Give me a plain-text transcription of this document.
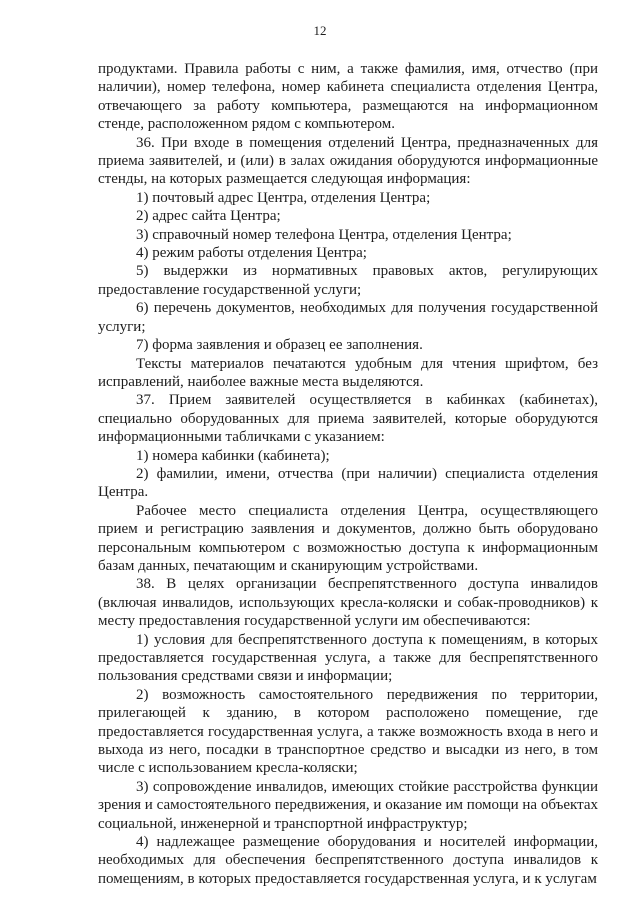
12

продуктами. Правила работы с ним, а также фамилия, имя, отчество (при наличии), номер телефона, номер кабинета специалиста отделения Центра, отвечающего за работу компьютера, размещаются на информационном стенде, расположенном рядом с компьютером.

36. При входе в помещения отделений Центра, предназначенных для приема заявителей, и (или) в залах ожидания оборудуются информационные стенды, на которых размещается следующая информация:

1) почтовый адрес Центра, отделения Центра;

2) адрес сайта Центра;

3) справочный номер телефона Центра, отделения Центра;

4) режим работы отделения Центра;

5) выдержки из нормативных правовых актов, регулирующих предоставление государственной услуги;

6) перечень документов, необходимых для получения государственной услуги;

7) форма заявления и образец ее заполнения.

Тексты материалов печатаются удобным для чтения шрифтом, без исправлений, наиболее важные места выделяются.

37. Прием заявителей осуществляется в кабинках (кабинетах), специально оборудованных для приема заявителей, которые оборудуются информационными табличками с указанием:

1) номера кабинки (кабинета);

2) фамилии, имени, отчества (при наличии) специалиста отделения Центра.

Рабочее место специалиста отделения Центра, осуществляющего прием и регистрацию заявления и документов, должно быть оборудовано персональным компьютером с возможностью доступа к информационным базам данных, печатающим и сканирующим устройствами.

38. В целях организации беспрепятственного доступа инвалидов (включая инвалидов, использующих кресла-коляски и собак-проводников) к месту предоставления государственной услуги им обеспечиваются:

1) условия для беспрепятственного доступа к помещениям, в которых предоставляется государственная услуга, а также для беспрепятственного пользования средствами связи и информации;

2) возможность самостоятельного передвижения по территории, прилегающей к зданию, в котором расположено помещение, где предоставляется государственная услуга, а также возможность входа в него и выхода из него, посадки в транспортное средство и высадки из него, в том числе с использованием кресла-коляски;

3) сопровождение инвалидов, имеющих стойкие расстройства функции зрения и самостоятельного передвижения, и оказание им помощи на объектах социальной, инженерной и транспортной инфраструктур;

4) надлежащее размещение оборудования и носителей информации, необходимых для обеспечения беспрепятственного доступа инвалидов к помещениям, в которых предоставляется государственная услуга, и к услугам
